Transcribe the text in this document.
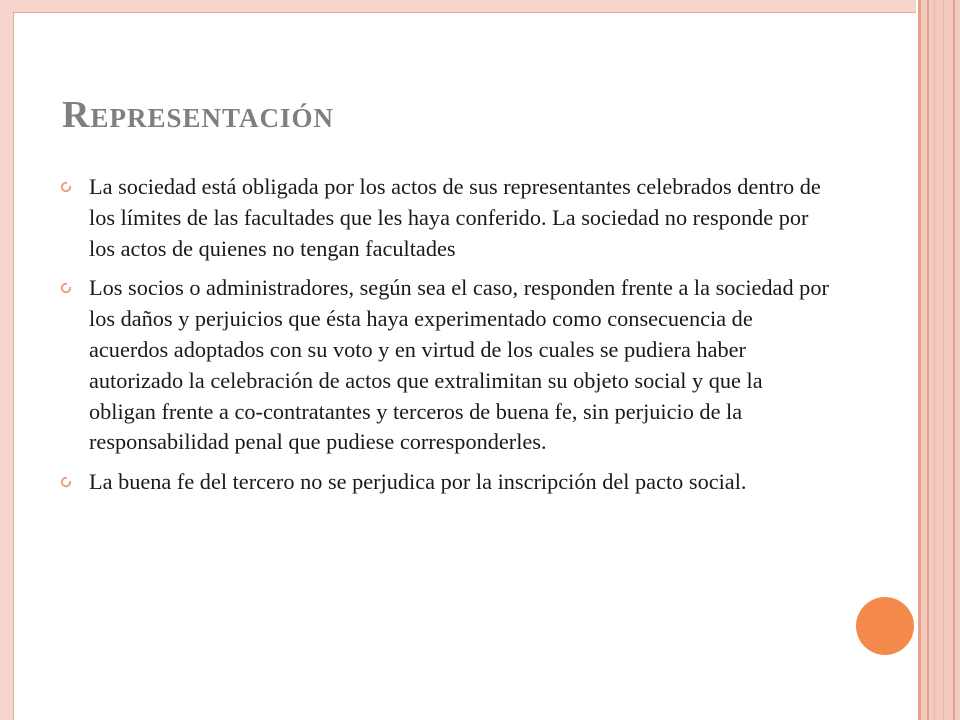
Representación
La sociedad está obligada por los actos de sus representantes celebrados dentro de los límites de las facultades que les haya conferido. La sociedad no responde por los actos de quienes no tengan facultades
Los socios o administradores, según sea el caso, responden frente a la sociedad por los daños y perjuicios que ésta haya experimentado como consecuencia de acuerdos adoptados con su voto y en virtud de los cuales se pudiera haber autorizado la celebración de actos que extralimitan su objeto social y que la obligan frente a co-contratantes y terceros de buena fe, sin perjuicio de la responsabilidad penal que pudiese corresponderles.
La buena fe del tercero no se perjudica por la inscripción del pacto social.
